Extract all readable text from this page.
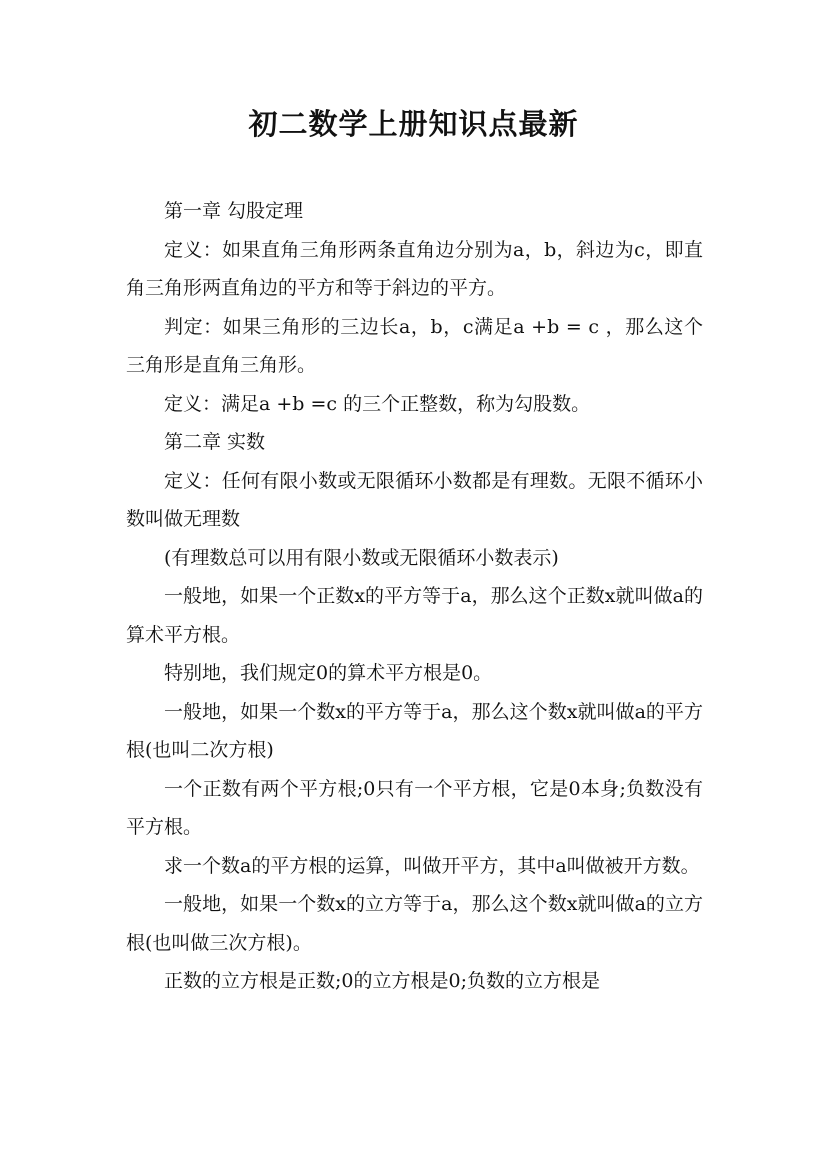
初二数学上册知识点最新

第一章 勾股定理

定义：如果直角三角形两条直角边分别为a，b，斜边为c，即直角三角形两直角边的平方和等于斜边的平方。

判定：如果三角形的三边长a，b，c满足a +b = c ，那么这个三角形是直角三角形。

定义：满足a +b =c 的三个正整数，称为勾股数。

第二章 实数

定义：任何有限小数或无限循环小数都是有理数。无限不循环小数叫做无理数

(有理数总可以用有限小数或无限循环小数表示)

一般地，如果一个正数x的平方等于a，那么这个正数x就叫做a的算术平方根。

特别地，我们规定0的算术平方根是0。

一般地，如果一个数x的平方等于a，那么这个数x就叫做a的平方根(也叫二次方根)

一个正数有两个平方根;0只有一个平方根，它是0本身;负数没有平方根。

求一个数a的平方根的运算，叫做开平方，其中a叫做被开方数。

一般地，如果一个数x的立方等于a，那么这个数x就叫做a的立方根(也叫做三次方根)。

正数的立方根是正数;0的立方根是0;负数的立方根是
